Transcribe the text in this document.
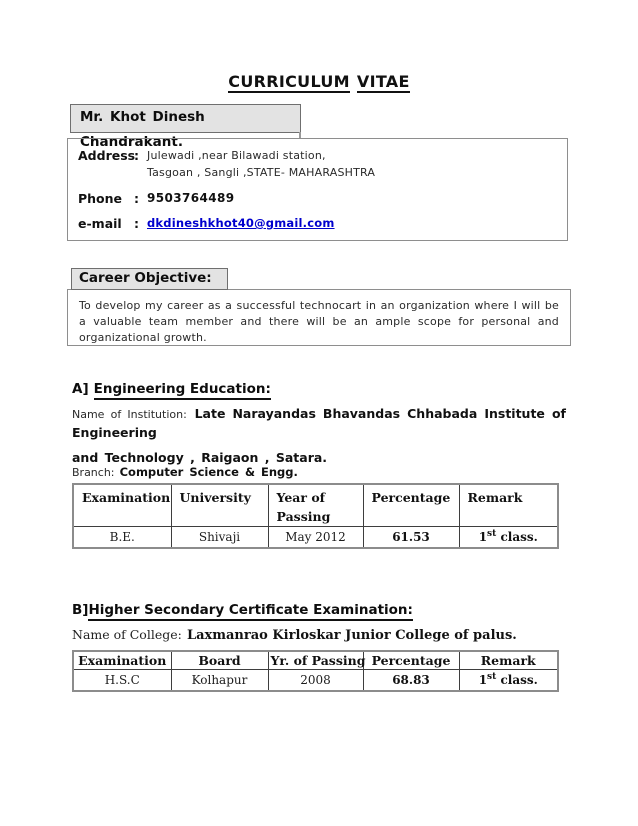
CURRICULUM VITAE
Mr. Khot Dinesh Chandrakant.
Address
: Julewadi ,near Bilawadi station,
Tasgoan , Sangli ,STATE- MAHARASHTRA
Phone : 9503764489
e-mail : dkdineshkhot40@gmail.com
Career Objective:
To develop my career as a successful technocart in an organization where I will be a valuable team member and there will be an ample scope for personal and organizational growth.
A] Engineering Education:
Name of Institution: Late Narayandas Bhavandas Chhabada Institute of Engineering
and Technology , Raigaon , Satara.
Branch: Computer Science & Engg.
Examination	University	Year of Passing	Percentage	Remark
B.E.	Shivaji	May 2012	61.53	1st class.
B]Higher Secondary Certificate Examination:
Name of College: Laxmanrao Kirloskar Junior College of palus.
Examination	Board	Yr. of Passing	Percentage	Remark
H.S.C	Kolhapur	2008	68.83	1st class.
